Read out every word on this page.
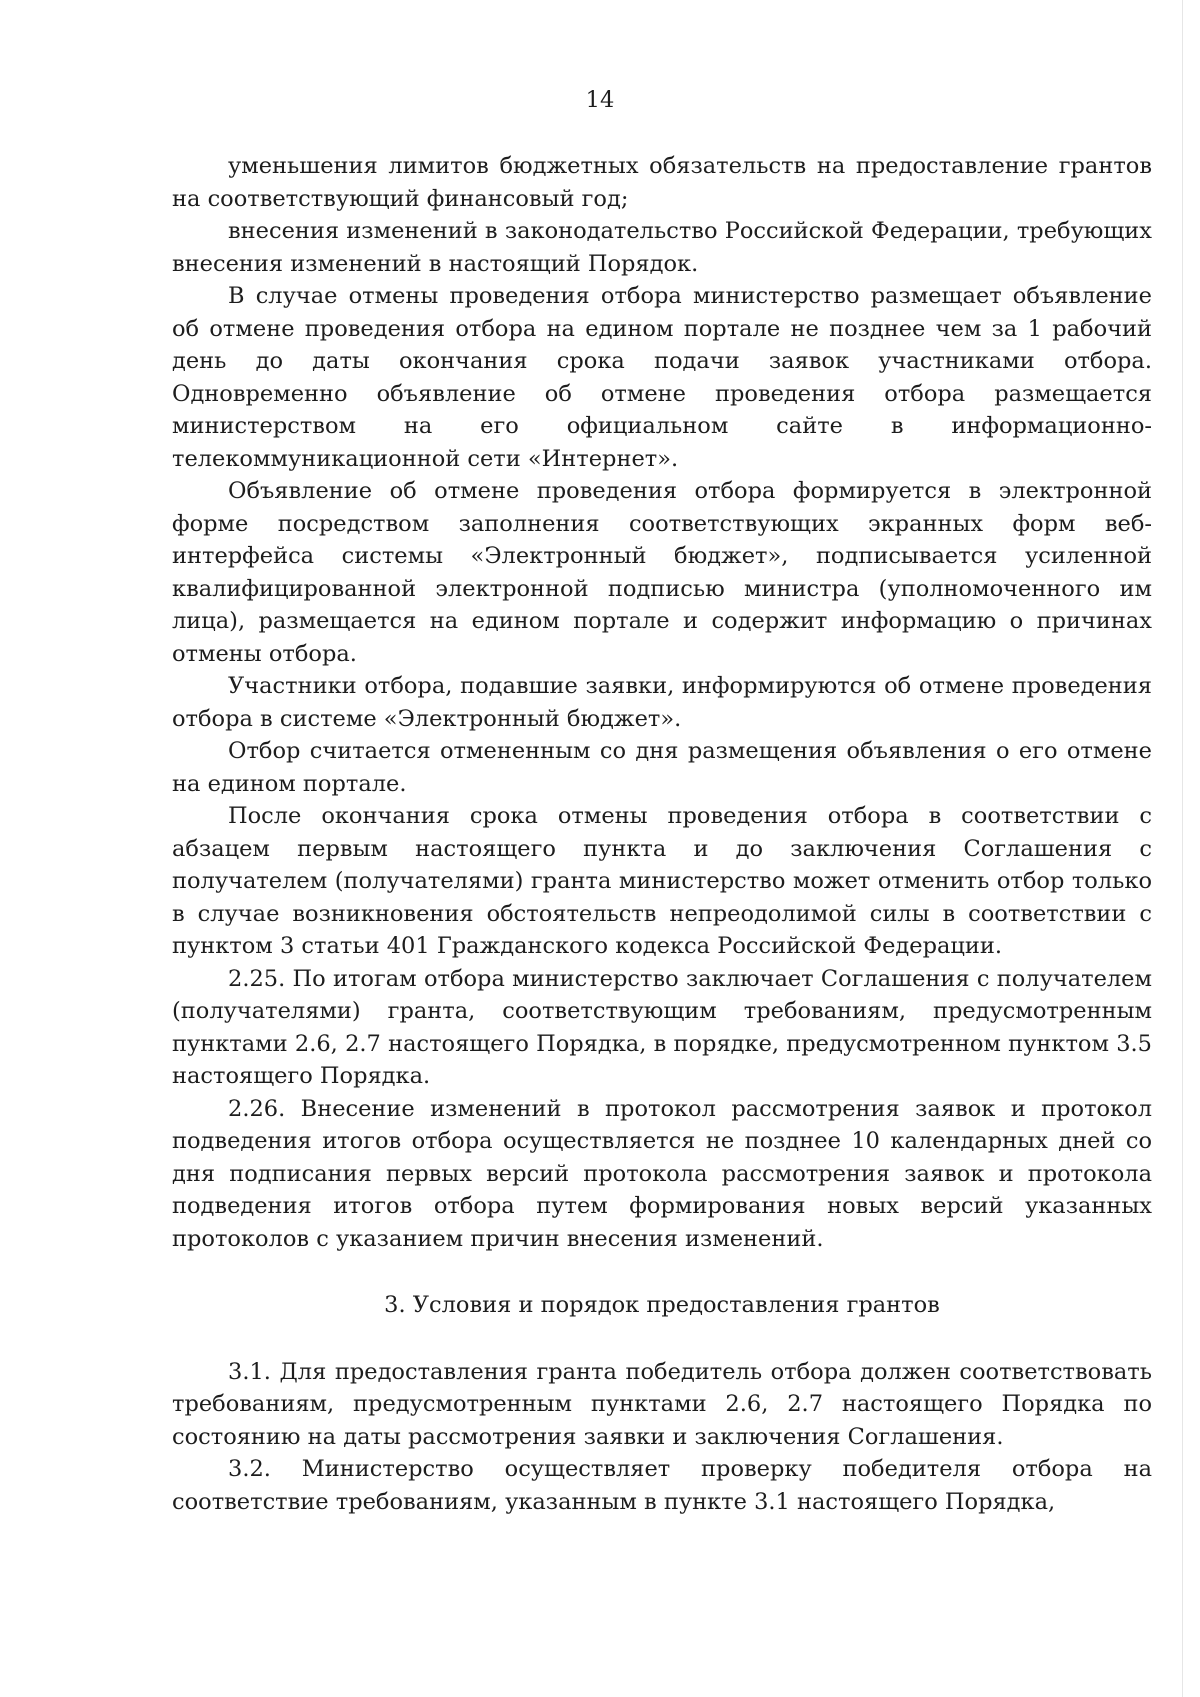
14

уменьшения лимитов бюджетных обязательств на предоставление грантов на соответствующий финансовый год;

внесения изменений в законодательство Российской Федерации, требующих внесения изменений в настоящий Порядок.

В случае отмены проведения отбора министерство размещает объявление об отмене проведения отбора на едином портале не позднее чем за 1 рабочий день до даты окончания срока подачи заявок участниками отбора. Одновременно объявление об отмене проведения отбора размещается министерством на его официальном сайте в информационно-телекоммуникационной сети «Интернет».

Объявление об отмене проведения отбора формируется в электронной форме посредством заполнения соответствующих экранных форм веб-интерфейса системы «Электронный бюджет», подписывается усиленной квалифицированной электронной подписью министра (уполномоченного им лица), размещается на едином портале и содержит информацию о причинах отмены отбора.

Участники отбора, подавшие заявки, информируются об отмене проведения отбора в системе «Электронный бюджет».

Отбор считается отмененным со дня размещения объявления о его отмене на едином портале.

После окончания срока отмены проведения отбора в соответствии с абзацем первым настоящего пункта и до заключения Соглашения с получателем (получателями) гранта министерство может отменить отбор только в случае возникновения обстоятельств непреодолимой силы в соответствии с пунктом 3 статьи 401 Гражданского кодекса Российской Федерации.

2.25. По итогам отбора министерство заключает Соглашения с получателем (получателями) гранта, соответствующим требованиям, предусмотренным пунктами 2.6, 2.7 настоящего Порядка, в порядке, предусмотренном пунктом 3.5 настоящего Порядка.

2.26. Внесение изменений в протокол рассмотрения заявок и протокол подведения итогов отбора осуществляется не позднее 10 календарных дней со дня подписания первых версий протокола рассмотрения заявок и протокола подведения итогов отбора путем формирования новых версий указанных протоколов с указанием причин внесения изменений.

3. Условия и порядок предоставления грантов

3.1. Для предоставления гранта победитель отбора должен соответствовать требованиям, предусмотренным пунктами 2.6, 2.7 настоящего Порядка по состоянию на даты рассмотрения заявки и заключения Соглашения.

3.2. Министерство осуществляет проверку победителя отбора на соответствие требованиям, указанным в пункте 3.1 настоящего Порядка,
